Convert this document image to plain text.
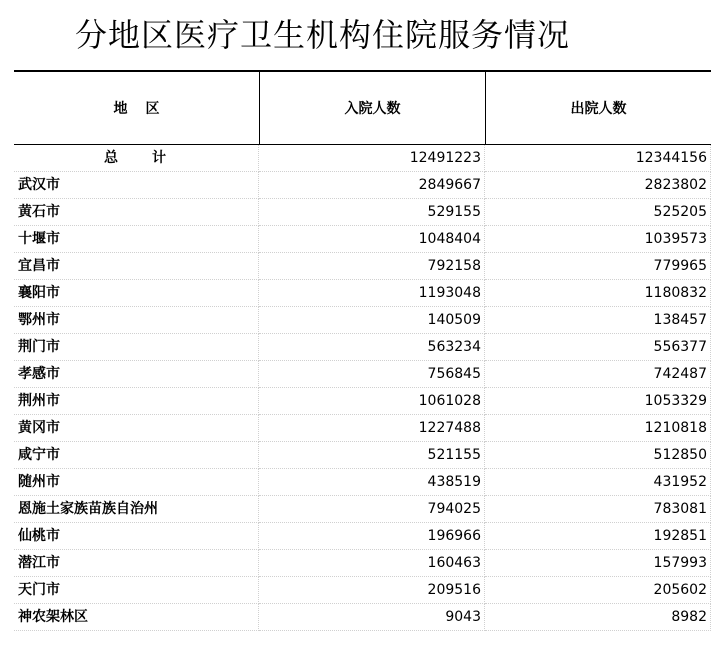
分地区医疗卫生机构住院服务情况
地区	入院人数	出院人数
总计	12491223	12344156
武汉市	2849667	2823802
黄石市	529155	525205
十堰市	1048404	1039573
宜昌市	792158	779965
襄阳市	1193048	1180832
鄂州市	140509	138457
荆门市	563234	556377
孝感市	756845	742487
荆州市	1061028	1053329
黄冈市	1227488	1210818
咸宁市	521155	512850
随州市	438519	431952
恩施土家族苗族自治州	794025	783081
仙桃市	196966	192851
潜江市	160463	157993
天门市	209516	205602
神农架林区	9043	8982
